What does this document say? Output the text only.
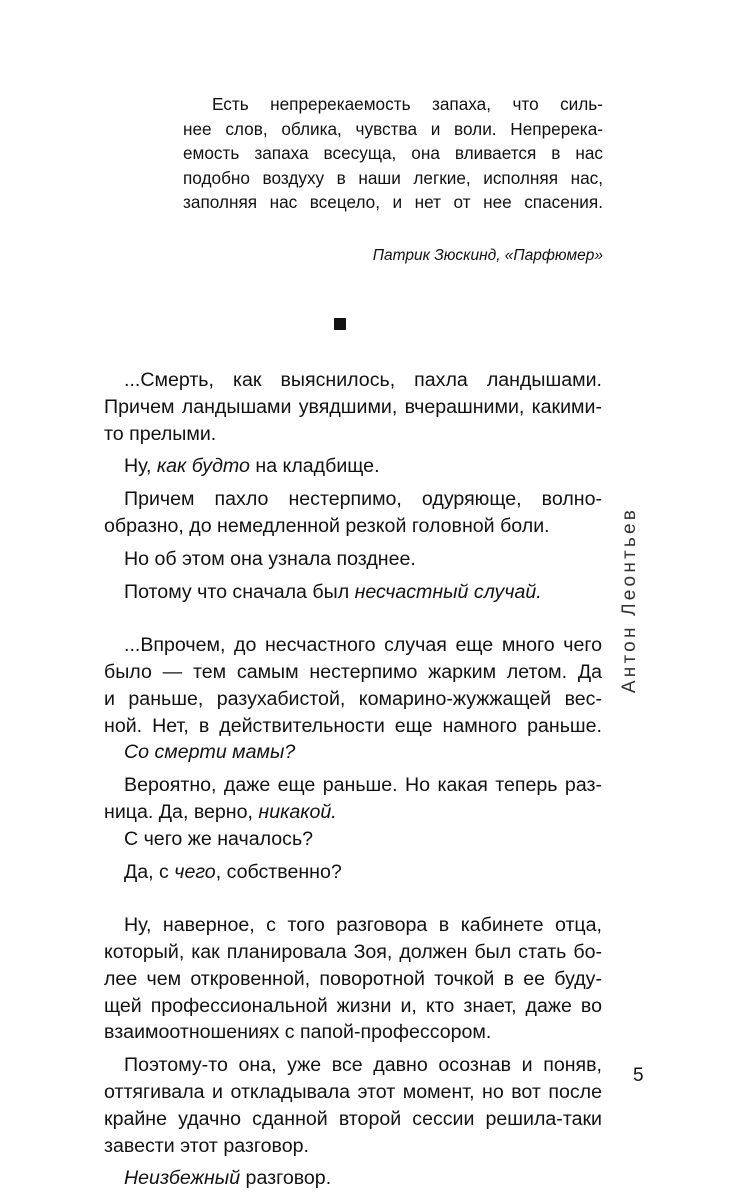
Есть непререкаемость запаха, что силь-
нее слов, облика, чувства и воли. Непререка-
емость запаха всесуща, она вливается в нас
подобно воздуху в наши легкие, исполняя нас,
заполняя нас всецело, и нет от нее спасения.
Патрик Зюскинд, «Парфюмер»
...Смерть, как выяснилось, пахла ландышами.
Причем ландышами увядшими, вчерашними, какими-
то прелыми.
Ну, как будто на кладбище.
Причем пахло нестерпимо, одуряюще, волно-
образно, до немедленной резкой головной боли.
Но об этом она узнала позднее.
Потому что сначала был несчастный случай.
...Впрочем, до несчастного случая еще много чего
было — тем самым нестерпимо жарким летом. Да
и раньше, разухабистой, комарино-жужжащей вес-
ной. Нет, в действительности еще намного раньше.
Со смерти мамы?
Вероятно, даже еще раньше. Но какая теперь раз-
ница. Да, верно, никакой.
С чего же началось?
Да, с чего, собственно?
Ну, наверное, с того разговора в кабинете отца,
который, как планировала Зоя, должен был стать бо-
лее чем откровенной, поворотной точкой в ее буду-
щей профессиональной жизни и, кто знает, даже во
взаимоотношениях с папой-профессором.
Поэтому-то она, уже все давно осознав и поняв,
оттягивала и откладывала этот момент, но вот после
крайне удачно сданной второй сессии решила-таки
завести этот разговор.
Неизбежный разговор.
Антон Леонтьев
5
